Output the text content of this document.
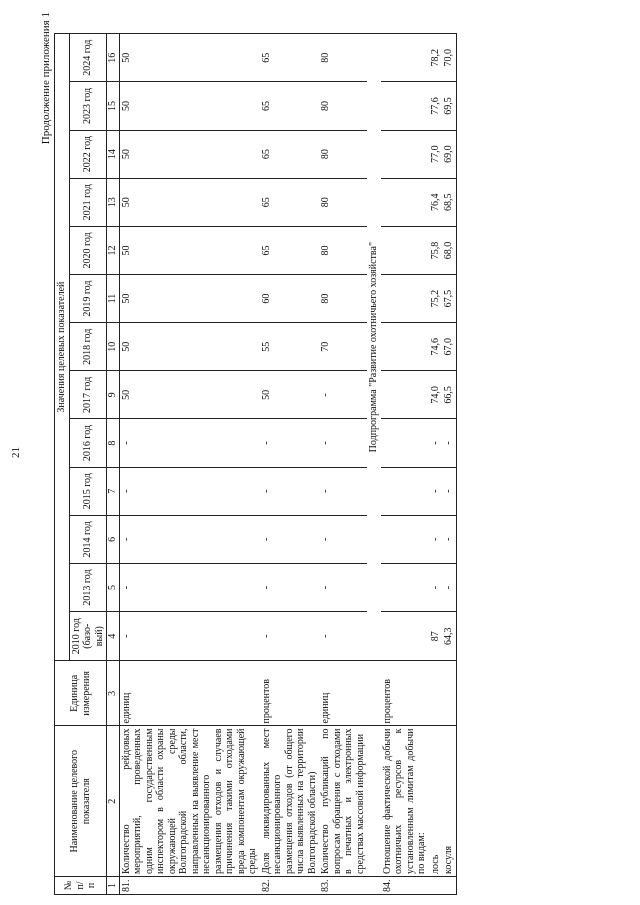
21
Продолжение приложения 1
№ п/п	Наименование целевого показателя	Единица измерения	Значения целевых показателей												
			2010 год (базо-вый)	2013 год	2014 год	2015 год	2016 год	2017 год	2018 год	2019 год	2020 год	2021 год	2022 год	2023 год	2024 год
1	2	3	4	5	6	7	8	9	10	11	12	13	14	15	16
81.	Количество рейдовых мероприятий, проведенных одним государственным инспектором в области охраны окружающей среды Волгоградской области, направленных на выявление мест несанкционированного размещения отходов и случаев причинения такими отходами вреда компонентам окружающей среды	единиц	-	-	-	-	-	50	50	50	50	50	50	50	50
82.	Доля ликвидированных мест несанкционированного размещения отходов (от общего числа выявленных на территории Волгоградской области)	процентов	-	-	-	-	-	50	55	60	65	65	65	65	65
83.	Количество публикаций по вопросам обращения с отходами в печатных и электронных средствах массовой информации	единиц	-	-	-	-	-	-	70	80	80	80	80	80	80
			Подпрограмма "Развитие охотничьего хозяйства"												
84.	Отношение фактической добычи охотничьих ресурсов к установленным лимитам добычи по видам:	процентов													
	лось		87	-	-	-	-	74,0	74,6	75,2	75,8	76,4	77,0	77,6	78,2
	косуля		64,3	-	-	-	-	66,5	67,0	67,5	68,0	68,5	69,0	69,5	70,0
